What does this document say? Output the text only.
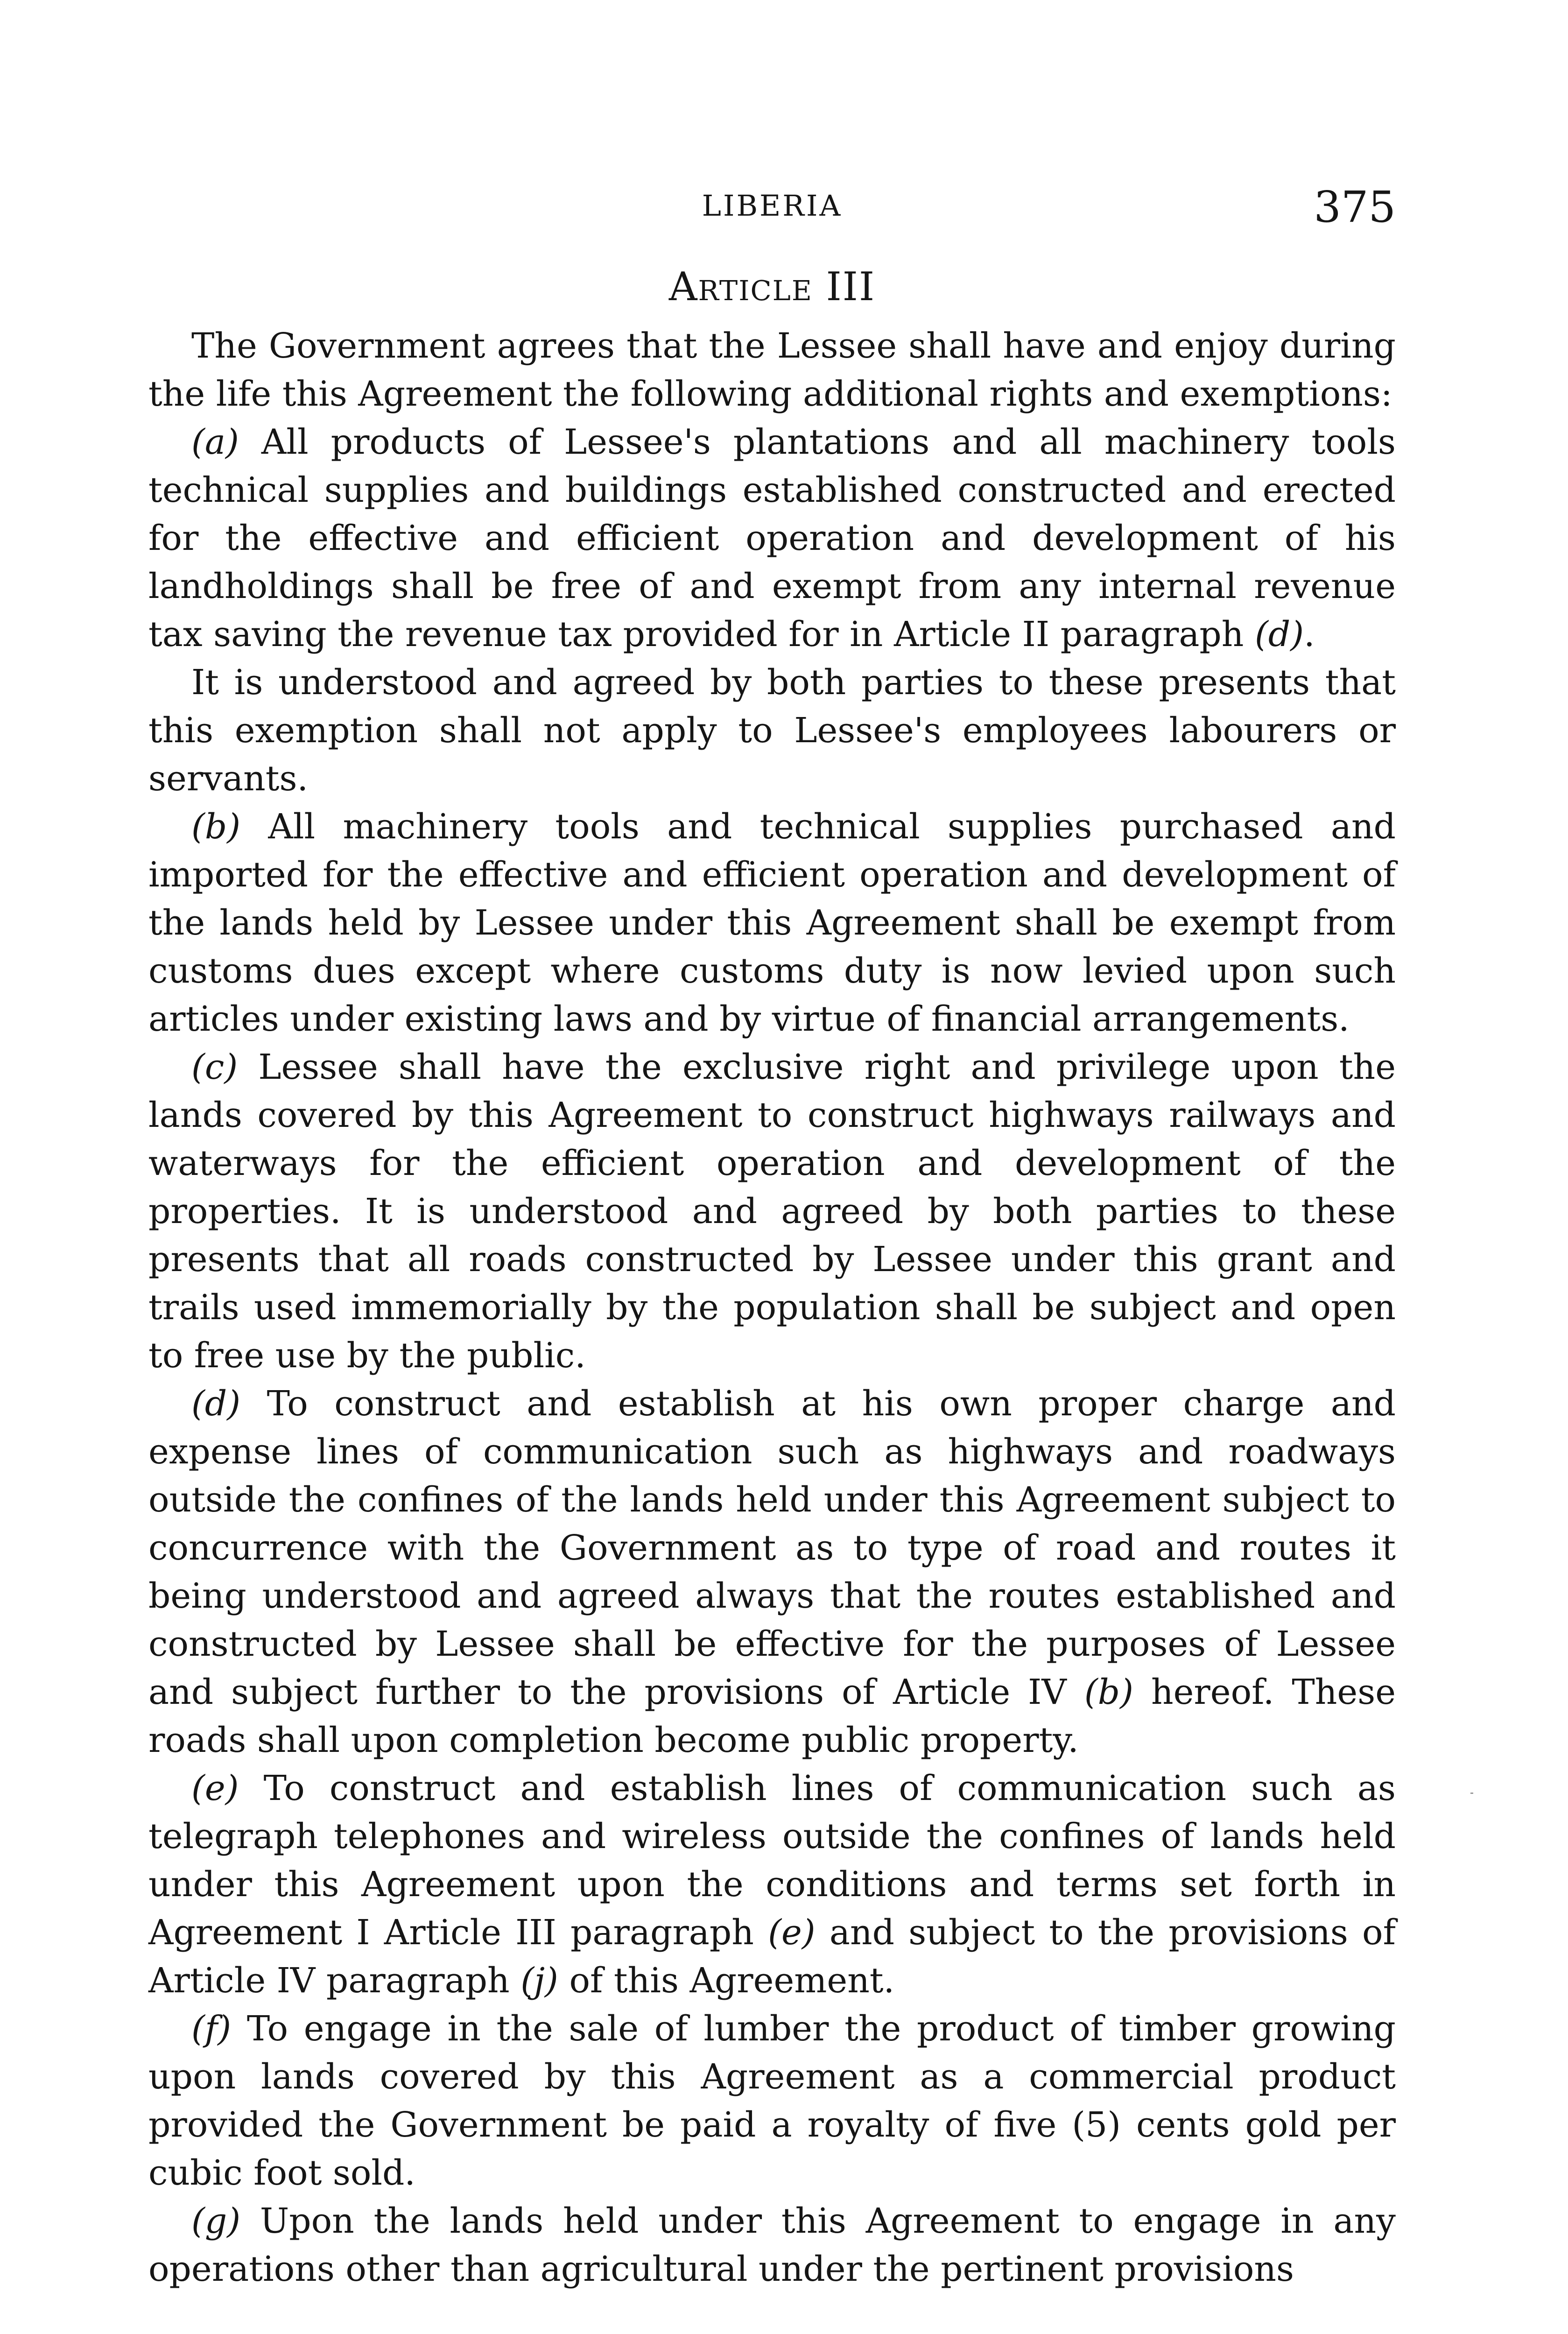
LIBERIA	375
Article III

The Government agrees that the Lessee shall have and enjoy during the life this Agreement the following additional rights and exemptions:

(a) All products of Lessee's plantations and all machinery tools technical supplies and buildings established constructed and erected for the effective and efficient operation and development of his landholdings shall be free of and exempt from any internal revenue tax saving the revenue tax provided for in Article II paragraph (d).

It is understood and agreed by both parties to these presents that this exemption shall not apply to Lessee's employees labourers or servants.

(b) All machinery tools and technical supplies purchased and imported for the effective and efficient operation and development of the lands held by Lessee under this Agreement shall be exempt from customs dues except where customs duty is now levied upon such articles under existing laws and by virtue of financial arrangements.

(c) Lessee shall have the exclusive right and privilege upon the lands covered by this Agreement to construct highways railways and waterways for the efficient operation and development of the properties. It is understood and agreed by both parties to these presents that all roads constructed by Lessee under this grant and trails used immemorially by the population shall be subject and open to free use by the public.

(d) To construct and establish at his own proper charge and expense lines of communication such as highways and roadways outside the confines of the lands held under this Agreement subject to concurrence with the Government as to type of road and routes it being understood and agreed always that the routes established and constructed by Lessee shall be effective for the purposes of Lessee and subject further to the provisions of Article IV (b) hereof. These roads shall upon completion become public property.

(e) To construct and establish lines of communication such as telegraph telephones and wireless outside the confines of lands held under this Agreement upon the conditions and terms set forth in Agreement I Article III paragraph (e) and subject to the provisions of Article IV paragraph (j) of this Agreement.

(f) To engage in the sale of lumber the product of timber growing upon lands covered by this Agreement as a commercial product provided the Government be paid a royalty of five (5) cents gold per cubic foot sold.

(g) Upon the lands held under this Agreement to engage in any operations other than agricultural under the pertinent provisions
